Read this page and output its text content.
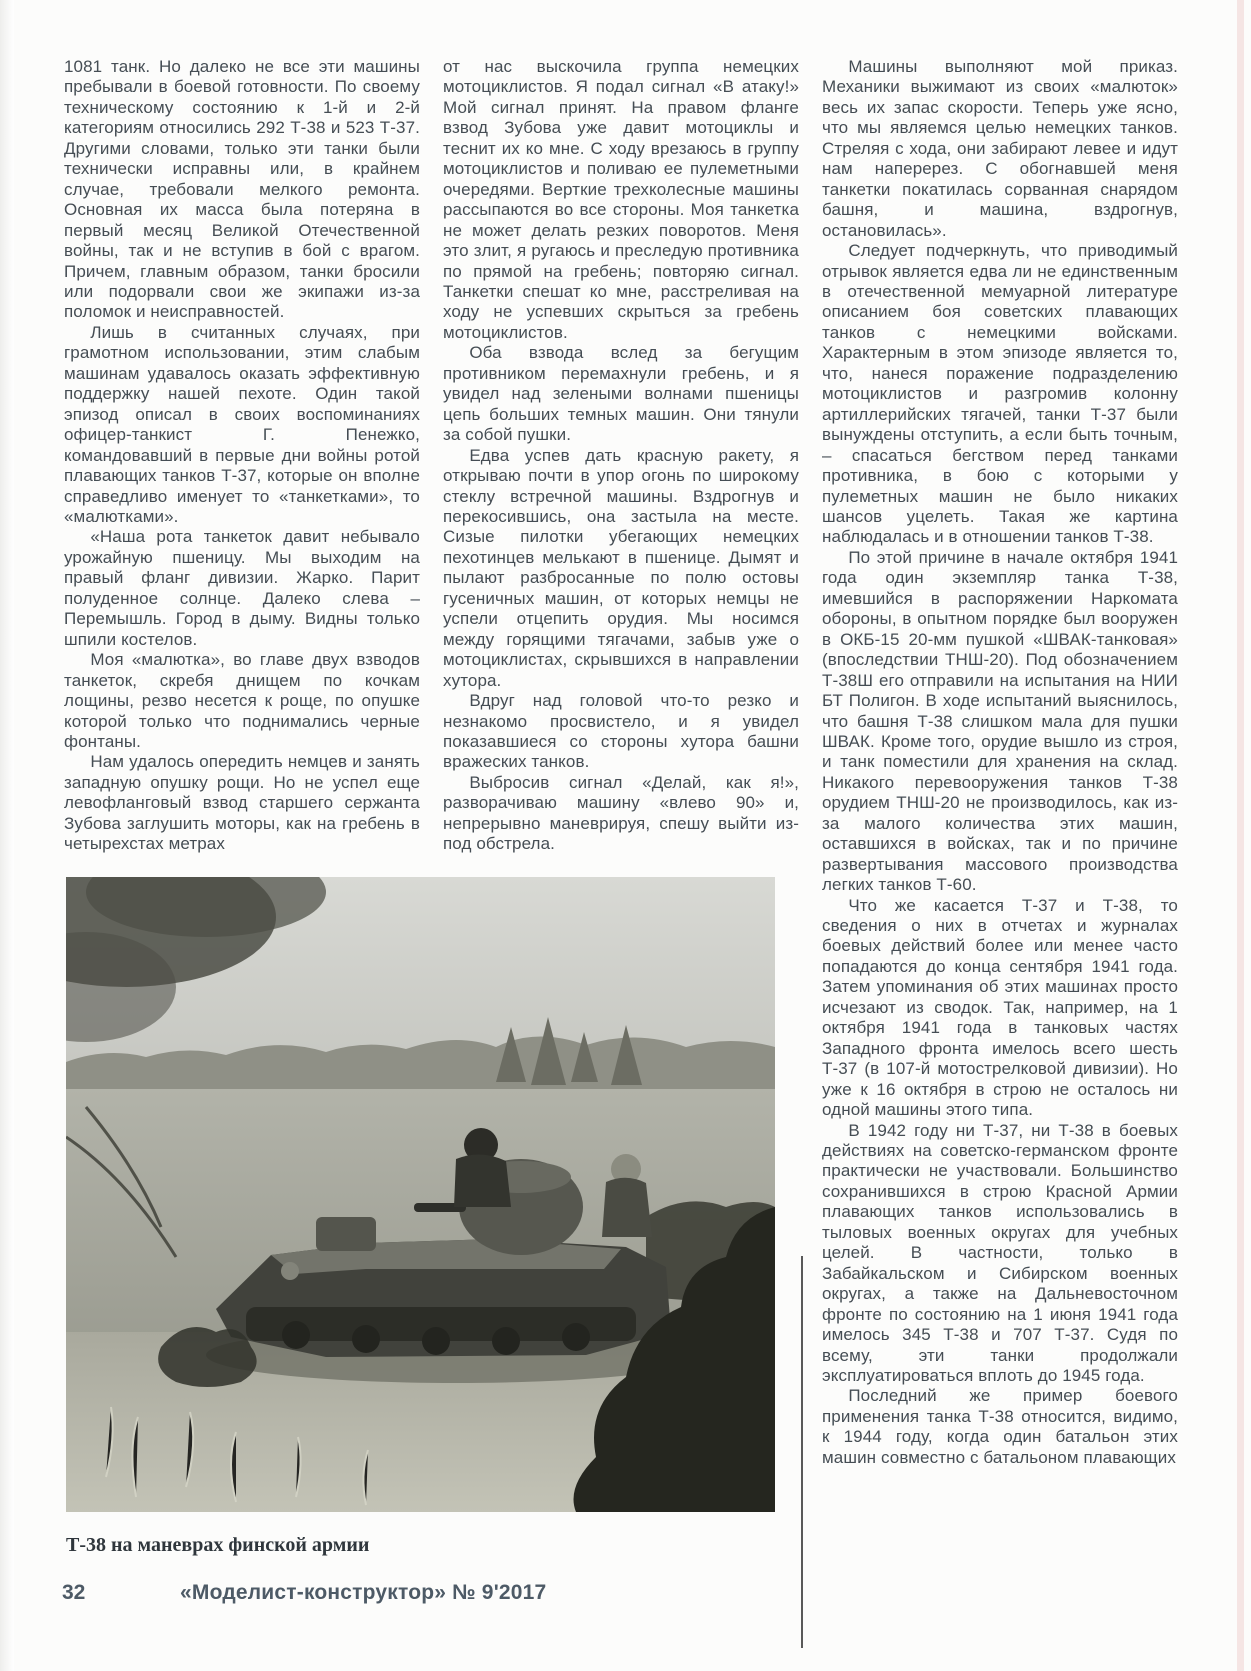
1081 танк. Но далеко не все эти машины пребывали в боевой готовности. По своему техническому состоянию к 1-й и 2-й категориям относились 292 Т-38 и 523 Т-37. Другими словами, только эти танки были технически исправны или, в крайнем случае, требовали мелкого ремонта. Основная их масса была потеряна в первый месяц Великой Отечественной войны, так и не вступив в бой с врагом. Причем, главным образом, танки бросили или подорвали свои же экипажи из-за поломок и неисправностей.

Лишь в считанных случаях, при грамотном использовании, этим слабым машинам удавалось оказать эффективную поддержку нашей пехоте. Один такой эпизод описал в своих воспоминаниях офицер-танкист Г. Пенежко, командовавший в первые дни войны ротой плавающих танков Т-37, которые он вполне справедливо именует то «танкетками», то «малютками».

«Наша рота танкеток давит небывало урожайную пшеницу. Мы выходим на правый фланг дивизии. Жарко. Парит полуденное солнце. Далеко слева – Перемышль. Город в дыму. Видны только шпили костелов.

Моя «малютка», во главе двух взводов танкеток, скребя днищем по кочкам лощины, резво несется к роще, по опушке которой только что поднимались черные фонтаны.

Нам удалось опередить немцев и занять западную опушку рощи. Но не успел еще левофланговый взвод старшего сержанта Зубова заглушить моторы, как на гребень в четырехстах метрах

от нас выскочила группа немецких мотоциклистов. Я подал сигнал «В атаку!» Мой сигнал принят. На правом фланге взвод Зубова уже давит мотоциклы и теснит их ко мне. С ходу врезаюсь в группу мотоциклистов и поливаю ее пулеметными очередями. Верткие трехколесные машины рассыпаются во все стороны. Моя танкетка не может делать резких поворотов. Меня это злит, я ругаюсь и преследую противника по прямой на гребень; повторяю сигнал. Танкетки спешат ко мне, расстреливая на ходу не успевших скрыться за гребень мотоциклистов.

Оба взвода вслед за бегущим противником перемахнули гребень, и я увидел над зелеными волнами пшеницы цепь больших темных машин. Они тянули за собой пушки.

Едва успев дать красную ракету, я открываю почти в упор огонь по широкому стеклу встречной машины. Вздрогнув и перекосившись, она застыла на месте. Сизые пилотки убегающих немецких пехотинцев мелькают в пшенице. Дымят и пылают разбросанные по полю остовы гусеничных машин, от которых немцы не успели отцепить орудия. Мы носимся между горящими тягачами, забыв уже о мотоциклистах, скрывшихся в направлении хутора.

Вдруг над головой что-то резко и незнакомо просвистело, и я увидел показавшиеся со стороны хутора башни вражеских танков.

Выбросив сигнал «Делай, как я!», разворачиваю машину «влево 90» и, непрерывно маневрируя, спешу выйти из-под обстрела.

Машины выполняют мой приказ. Механики выжимают из своих «малюток» весь их запас скорости. Теперь уже ясно, что мы являемся целью немецких танков. Стреляя с хода, они забирают левее и идут нам наперерез. С обогнавшей меня танкетки покатилась сорванная снарядом башня, и машина, вздрогнув, остановилась».

Следует подчеркнуть, что приводимый отрывок является едва ли не единственным в отечественной мемуарной литературе описанием боя советских плавающих танков с немецкими войсками. Характерным в этом эпизоде является то, что, нанеся поражение подразделению мотоциклистов и разгромив колонну артиллерийских тягачей, танки Т-37 были вынуждены отступить, а если быть точным, – спасаться бегством перед танками противника, в бою с которыми у пулеметных машин не было никаких шансов уцелеть. Такая же картина наблюдалась и в отношении танков Т-38.

По этой причине в начале октября 1941 года один экземпляр танка Т-38, имевшийся в распоряжении Наркомата обороны, в опытном порядке был вооружен в ОКБ-15 20-мм пушкой «ШВАК-танковая» (впоследствии ТНШ-20). Под обозначением Т-38Ш его отправили на испытания на НИИ БТ Полигон. В ходе испытаний выяснилось, что башня Т-38 слишком мала для пушки ШВАК. Кроме того, орудие вышло из строя, и танк поместили для хранения на склад. Никакого перевооружения танков Т-38 орудием ТНШ-20 не производилось, как из-за малого количества этих машин, оставшихся в войсках, так и по причине развертывания массового производства легких танков Т-60.

Что же касается Т-37 и Т-38, то сведения о них в отчетах и журналах боевых действий более или менее часто попадаются до конца сентября 1941 года. Затем упоминания об этих машинах просто исчезают из сводок. Так, например, на 1 октября 1941 года в танковых частях Западного фронта имелось всего шесть Т-37 (в 107-й мотострелковой дивизии). Но уже к 16 октября в строю не осталось ни одной машины этого типа.

В 1942 году ни Т-37, ни Т-38 в боевых действиях на советско-германском фронте практически не участвовали. Большинство сохранившихся в строю Красной Армии плавающих танков использовались в тыловых военных округах для учебных целей. В частности, только в Забайкальском и Сибирском военных округах, а также на Дальневосточном фронте по состоянию на 1 июня 1941 года имелось 345 Т-38 и 707 Т-37. Судя по всему, эти танки продолжали эксплуатироваться вплоть до 1945 года.

Последний же пример боевого применения танка Т-38 относится, видимо, к 1944 году, когда один батальон этих машин совместно с батальоном плавающих

Т-38 на маневрах финской армии
32	«Моделист-конструктор» № 9'2017
